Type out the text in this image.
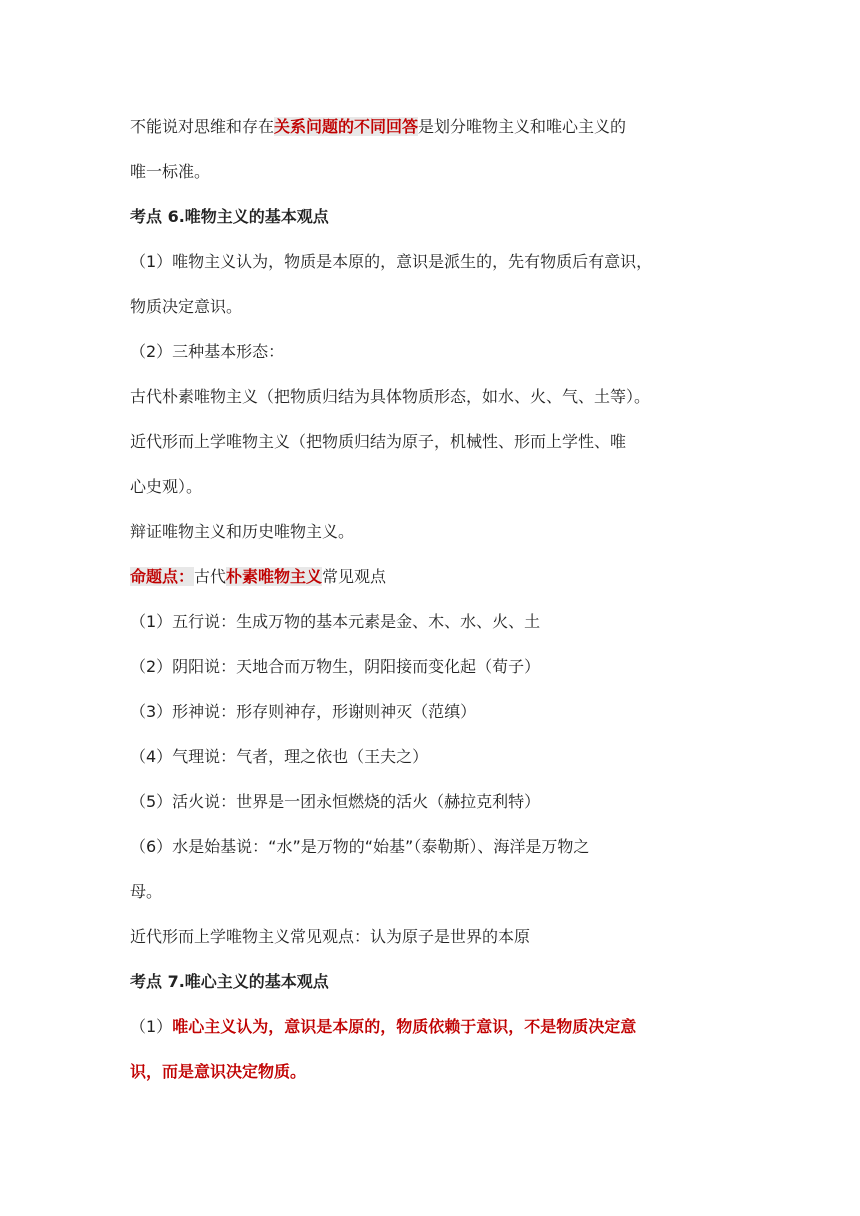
不能说对思维和存在关系问题的不同回答是划分唯物主义和唯心主义的
唯一标准。
考点 6.唯物主义的基本观点
（1）唯物主义认为，物质是本原的，意识是派生的，先有物质后有意识，
物质决定意识。
（2）三种基本形态：
古代朴素唯物主义（把物质归结为具体物质形态，如水、火、气、土等）。
近代形而上学唯物主义（把物质归结为原子，机械性、形而上学性、唯
心史观）。
辩证唯物主义和历史唯物主义。
命题点：古代朴素唯物主义常见观点
（1）五行说：生成万物的基本元素是金、木、水、火、土
（2）阴阳说：天地合而万物生，阴阳接而变化起（荀子）
（3）形神说：形存则神存，形谢则神灭（范缜）
（4）气理说：气者，理之依也（王夫之）
（5）活火说：世界是一团永恒燃烧的活火（赫拉克利特）
（6）水是始基说：“水”是万物的“始基”（泰勒斯）、海洋是万物之
母。
近代形而上学唯物主义常见观点：认为原子是世界的本原
考点 7.唯心主义的基本观点
（1）唯心主义认为，意识是本原的，物质依赖于意识，不是物质决定意
识，而是意识决定物质。
